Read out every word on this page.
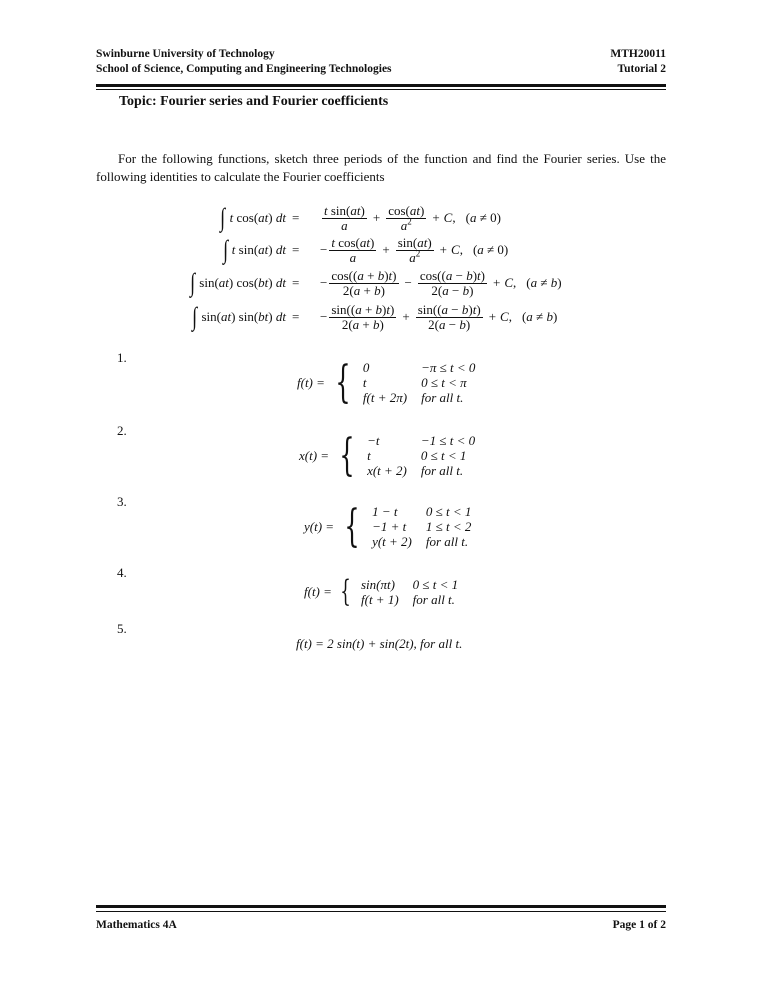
Swinburne University of Technology
School of Science, Computing and Engineering Technologies
MTH20011
Tutorial 2
Topic: Fourier series and Fourier coefficients

For the following functions, sketch three periods of the function and find the Fourier series. Use the following identities to calculate the Fourier coefficients

∫ t cos( at ) dt = $\frac{\text{t sin(at)}}{a} + \frac{\cos(at)}{a^2} + C$ , (a ≠ 0)
∫ t sin( at ) dt = − $\frac{\text{t cos(at)}}{a} + \frac{\sin(at)}{a^2} + C$ , (a ≠ 0)
∫ sin( at ) cos( bt ) dt = − $\frac{\cos((a + b)t)}{2(a + b)} - \frac{\cos((a - b)t)}{2(a - b)} + C$ , (a ≠ b)
∫ sin( at ) sin( bt ) dt = − $\frac{\sin((a + b)t)}{2(a + b)} + \frac{\sin((a - b)t)}{2(a - b)} + C$ , (a ≠ b)
1.
f(t) = { 0	−π ≤ t < 0
t	0 ≤ t < π
f(t + 2π) for all t.
2.
x(t) = { −t	−1 ≤ t < 0
t	0 ≤ t < 1
x(t + 2) for all t.
3.
y(t) = { 1 − t	0 ≤ t < 1
−1 + t	1 ≤ t < 2
y(t + 2) for all t.
4.
f(t) = { sin(πt) 0 ≤ t < 1
f(t + 1) for all t.
5.
f(t) = 2 sin(t) + sin(2t), for all t.
Mathematics 4A	Page 1 of 2
